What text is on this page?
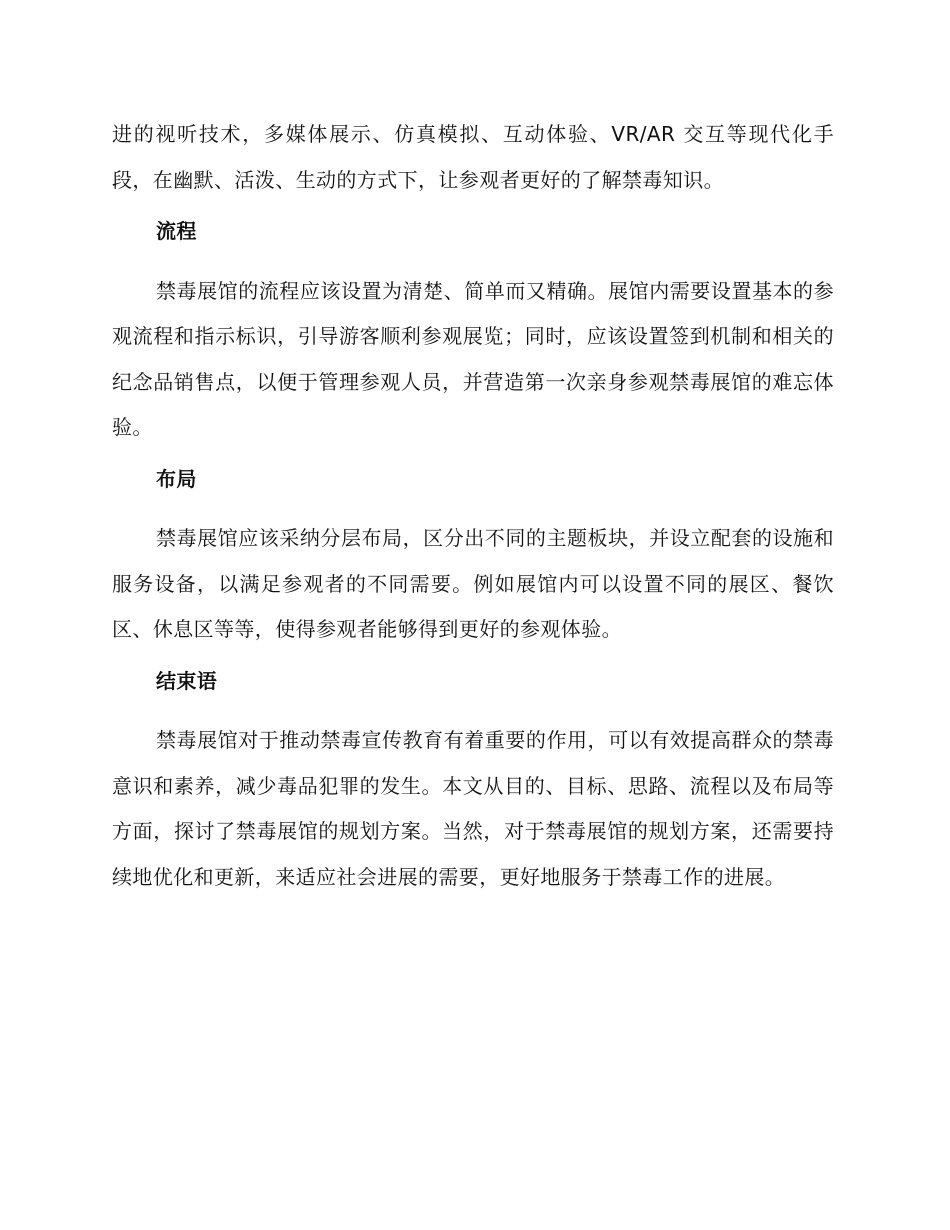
进的视听技术，多媒体展示、仿真模拟、互动体验、VR/AR 交互等现代化手段，在幽默、活泼、生动的方式下，让参观者更好的了解禁毒知识。

流程

禁毒展馆的流程应该设置为清楚、简单而又精确。展馆内需要设置基本的参观流程和指示标识，引导游客顺利参观展览；同时，应该设置签到机制和相关的纪念品销售点，以便于管理参观人员，并营造第一次亲身参观禁毒展馆的难忘体验。

布局

禁毒展馆应该采纳分层布局，区分出不同的主题板块，并设立配套的设施和服务设备，以满足参观者的不同需要。例如展馆内可以设置不同的展区、餐饮区、休息区等等，使得参观者能够得到更好的参观体验。

结束语

禁毒展馆对于推动禁毒宣传教育有着重要的作用，可以有效提高群众的禁毒意识和素养，减少毒品犯罪的发生。本文从目的、目标、思路、流程以及布局等方面，探讨了禁毒展馆的规划方案。当然，对于禁毒展馆的规划方案，还需要持续地优化和更新，来适应社会进展的需要，更好地服务于禁毒工作的进展。
